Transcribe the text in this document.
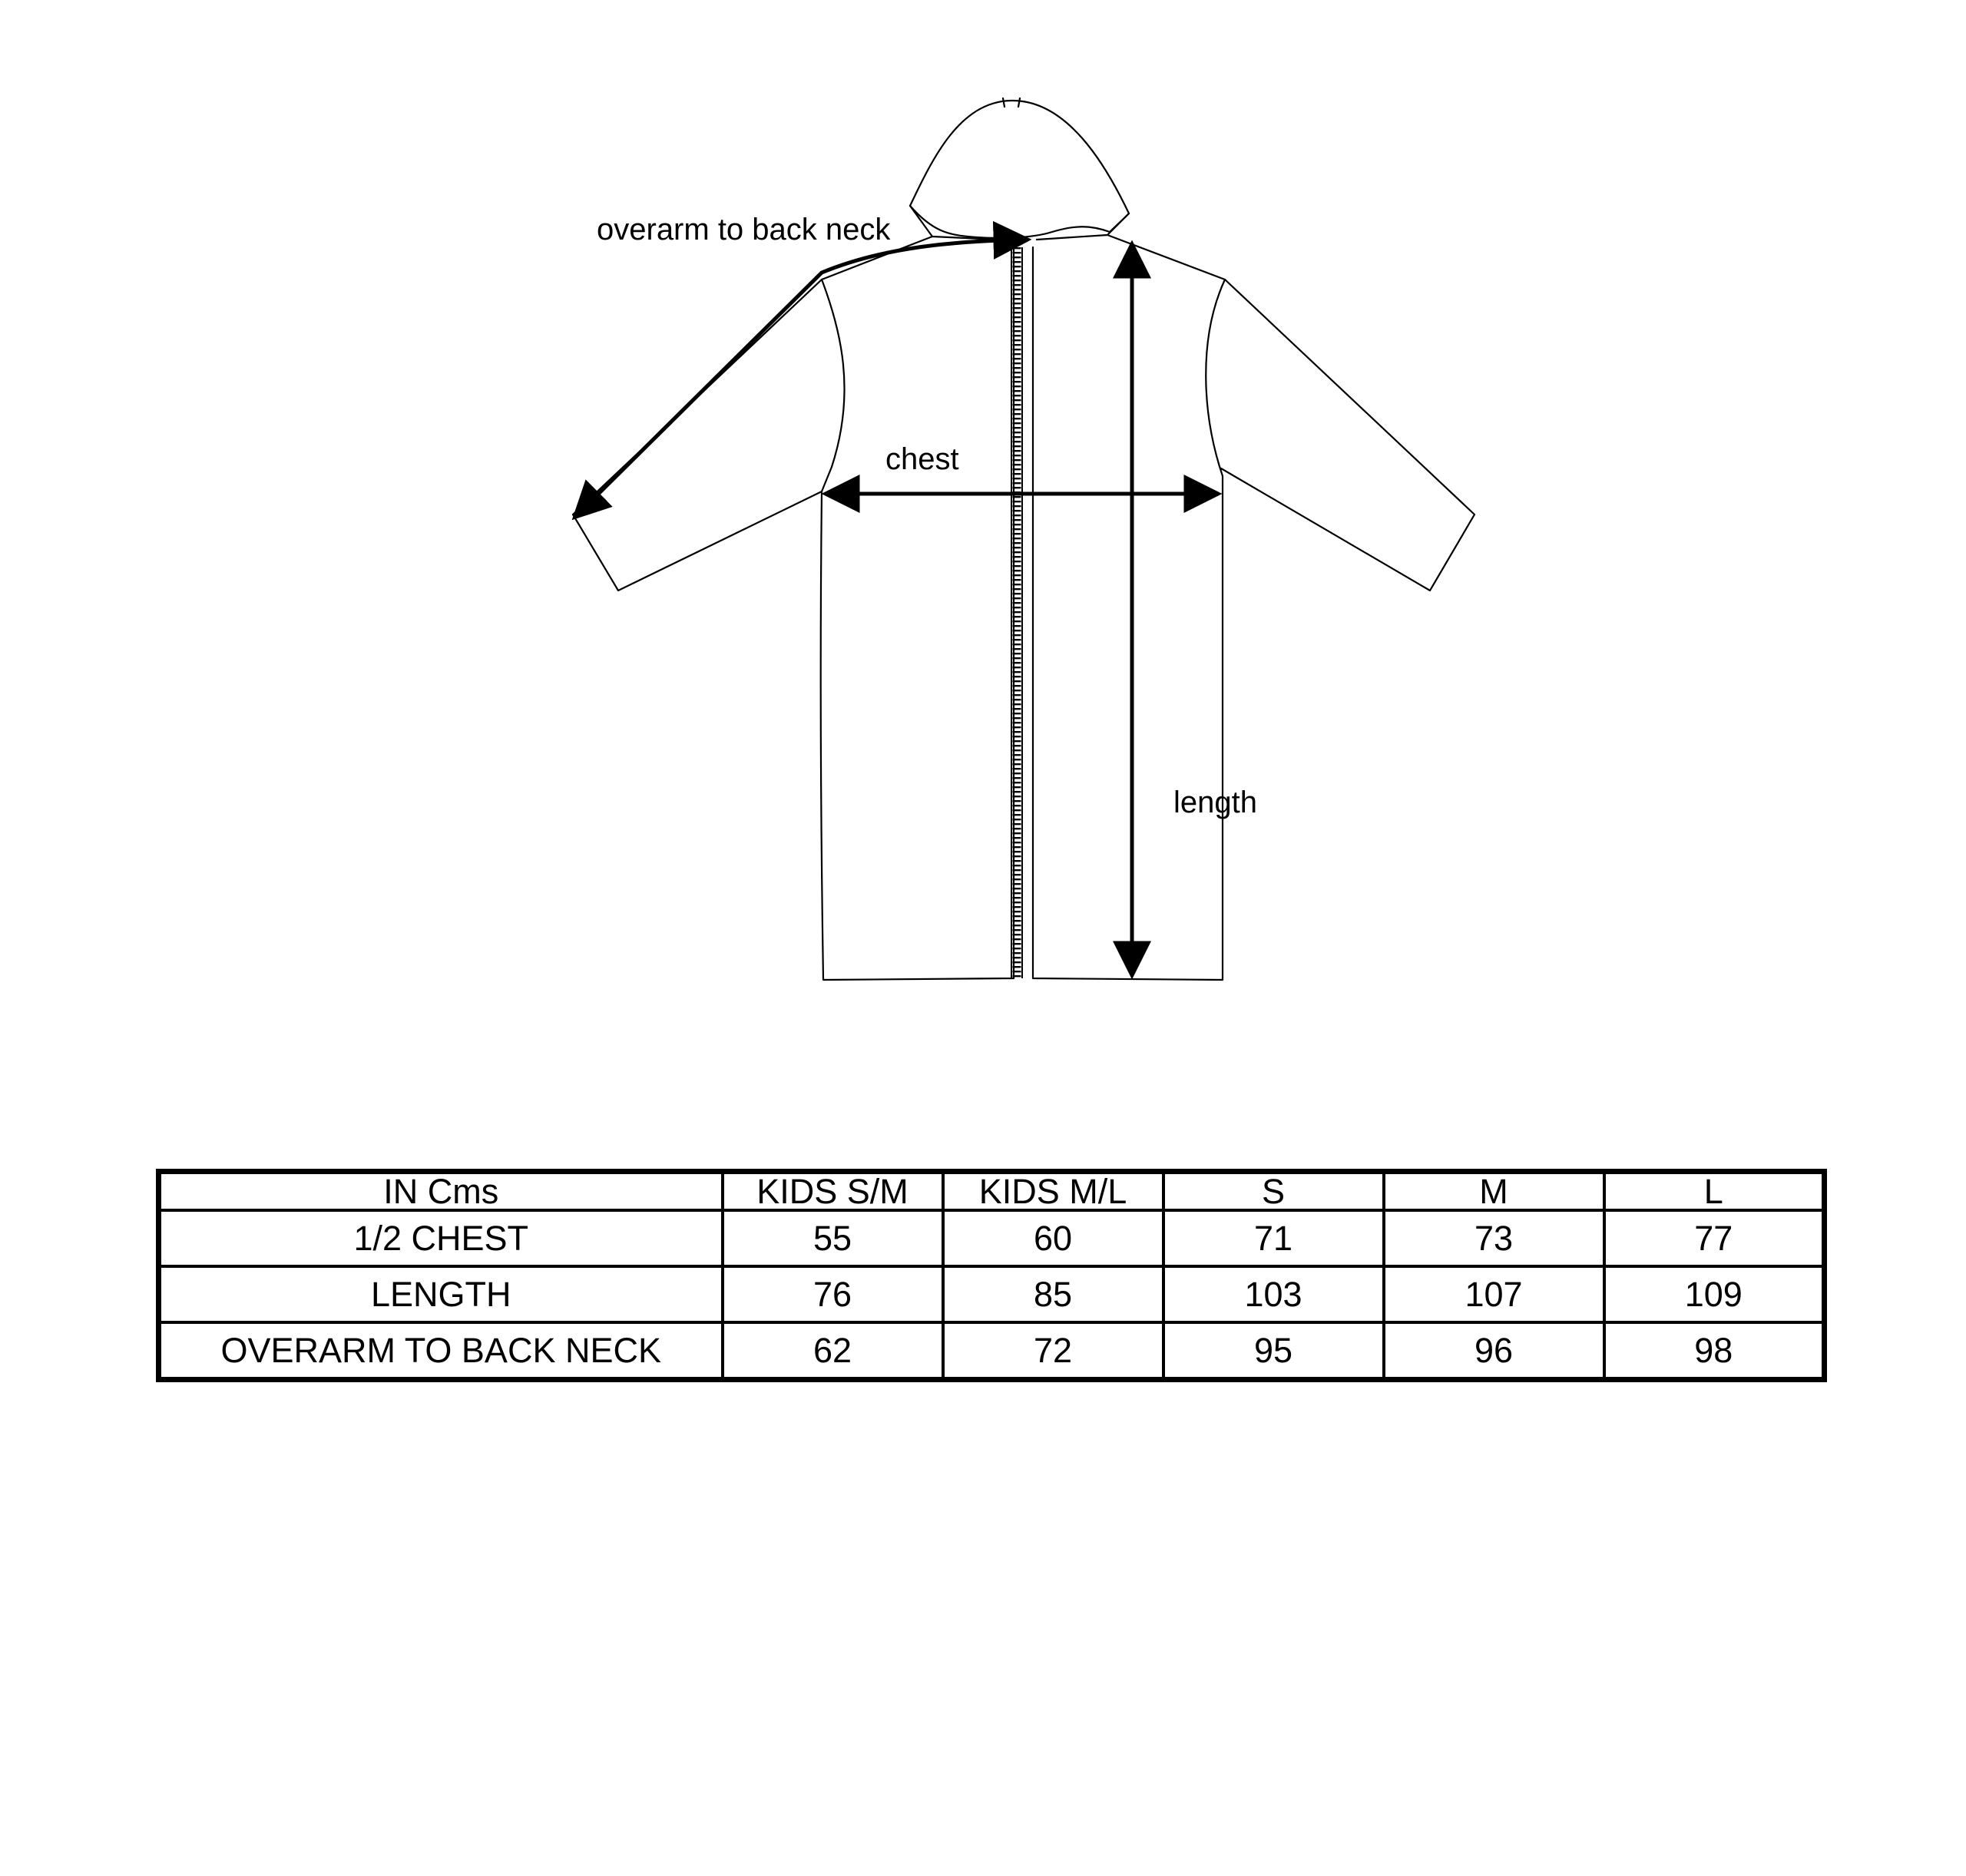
overarm to back neck
chest
length
IN Cms	KIDS S/M	KIDS M/L	S	M	L
1/2 CHEST	55	60	71	73	77
LENGTH	76	85	103	107	109
OVERARM TO BACK NECK	62	72	95	96	98
